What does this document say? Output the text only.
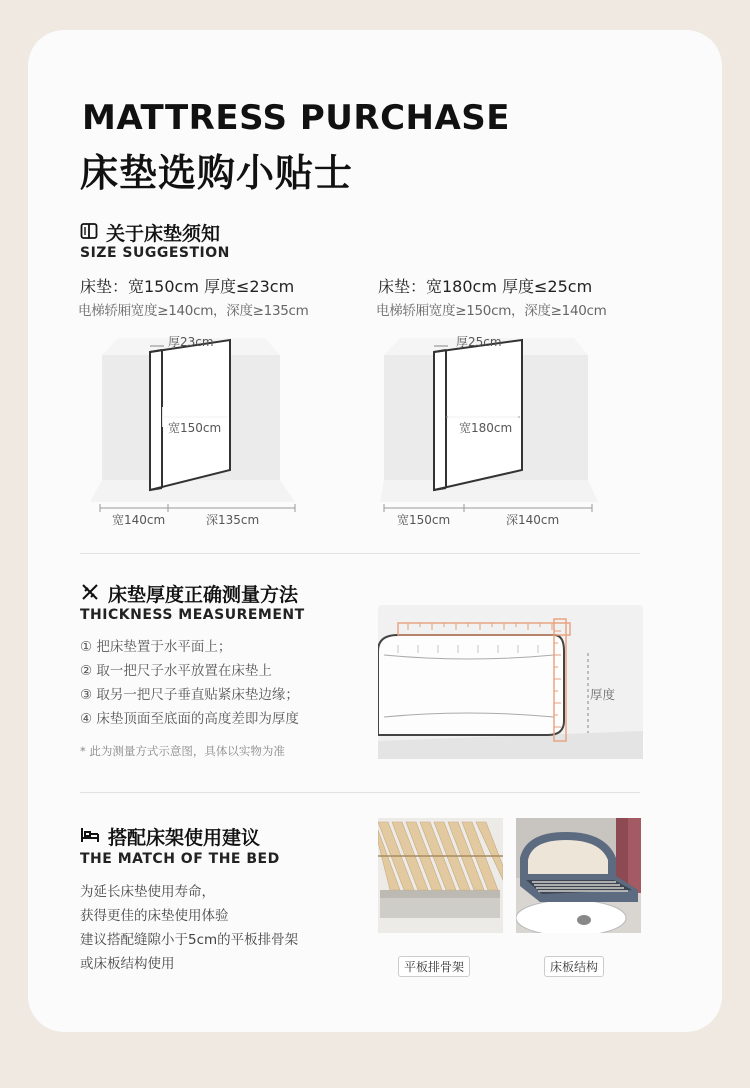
MATTRESS PURCHASE
床垫选购小贴士
关于床垫须知
SIZE SUGGESTION
床垫：宽150cm 厚度≤23cm
电梯轿厢宽度≥140cm，深度≥135cm
床垫：宽180cm 厚度≤25cm
电梯轿厢宽度≥150cm，深度≥140cm
厚23cm
宽150cm
宽140cm	深135cm
厚25cm
宽180cm
宽150cm	深140cm
床垫厚度正确测量方法
THICKNESS MEASUREMENT
① 把床垫置于水平面上；
② 取一把尺子水平放置在床垫上
③ 取另一把尺子垂直贴紧床垫边缘；
④ 床垫顶面至底面的高度差即为厚度
* 此为测量方式示意图，具体以实物为准
厚度
搭配床架使用建议
THE MATCH OF THE BED
为延长床垫使用寿命，
获得更佳的床垫使用体验
建议搭配缝隙小于5cm的平板排骨架
或床板结构使用	平板排骨架	床板结构
